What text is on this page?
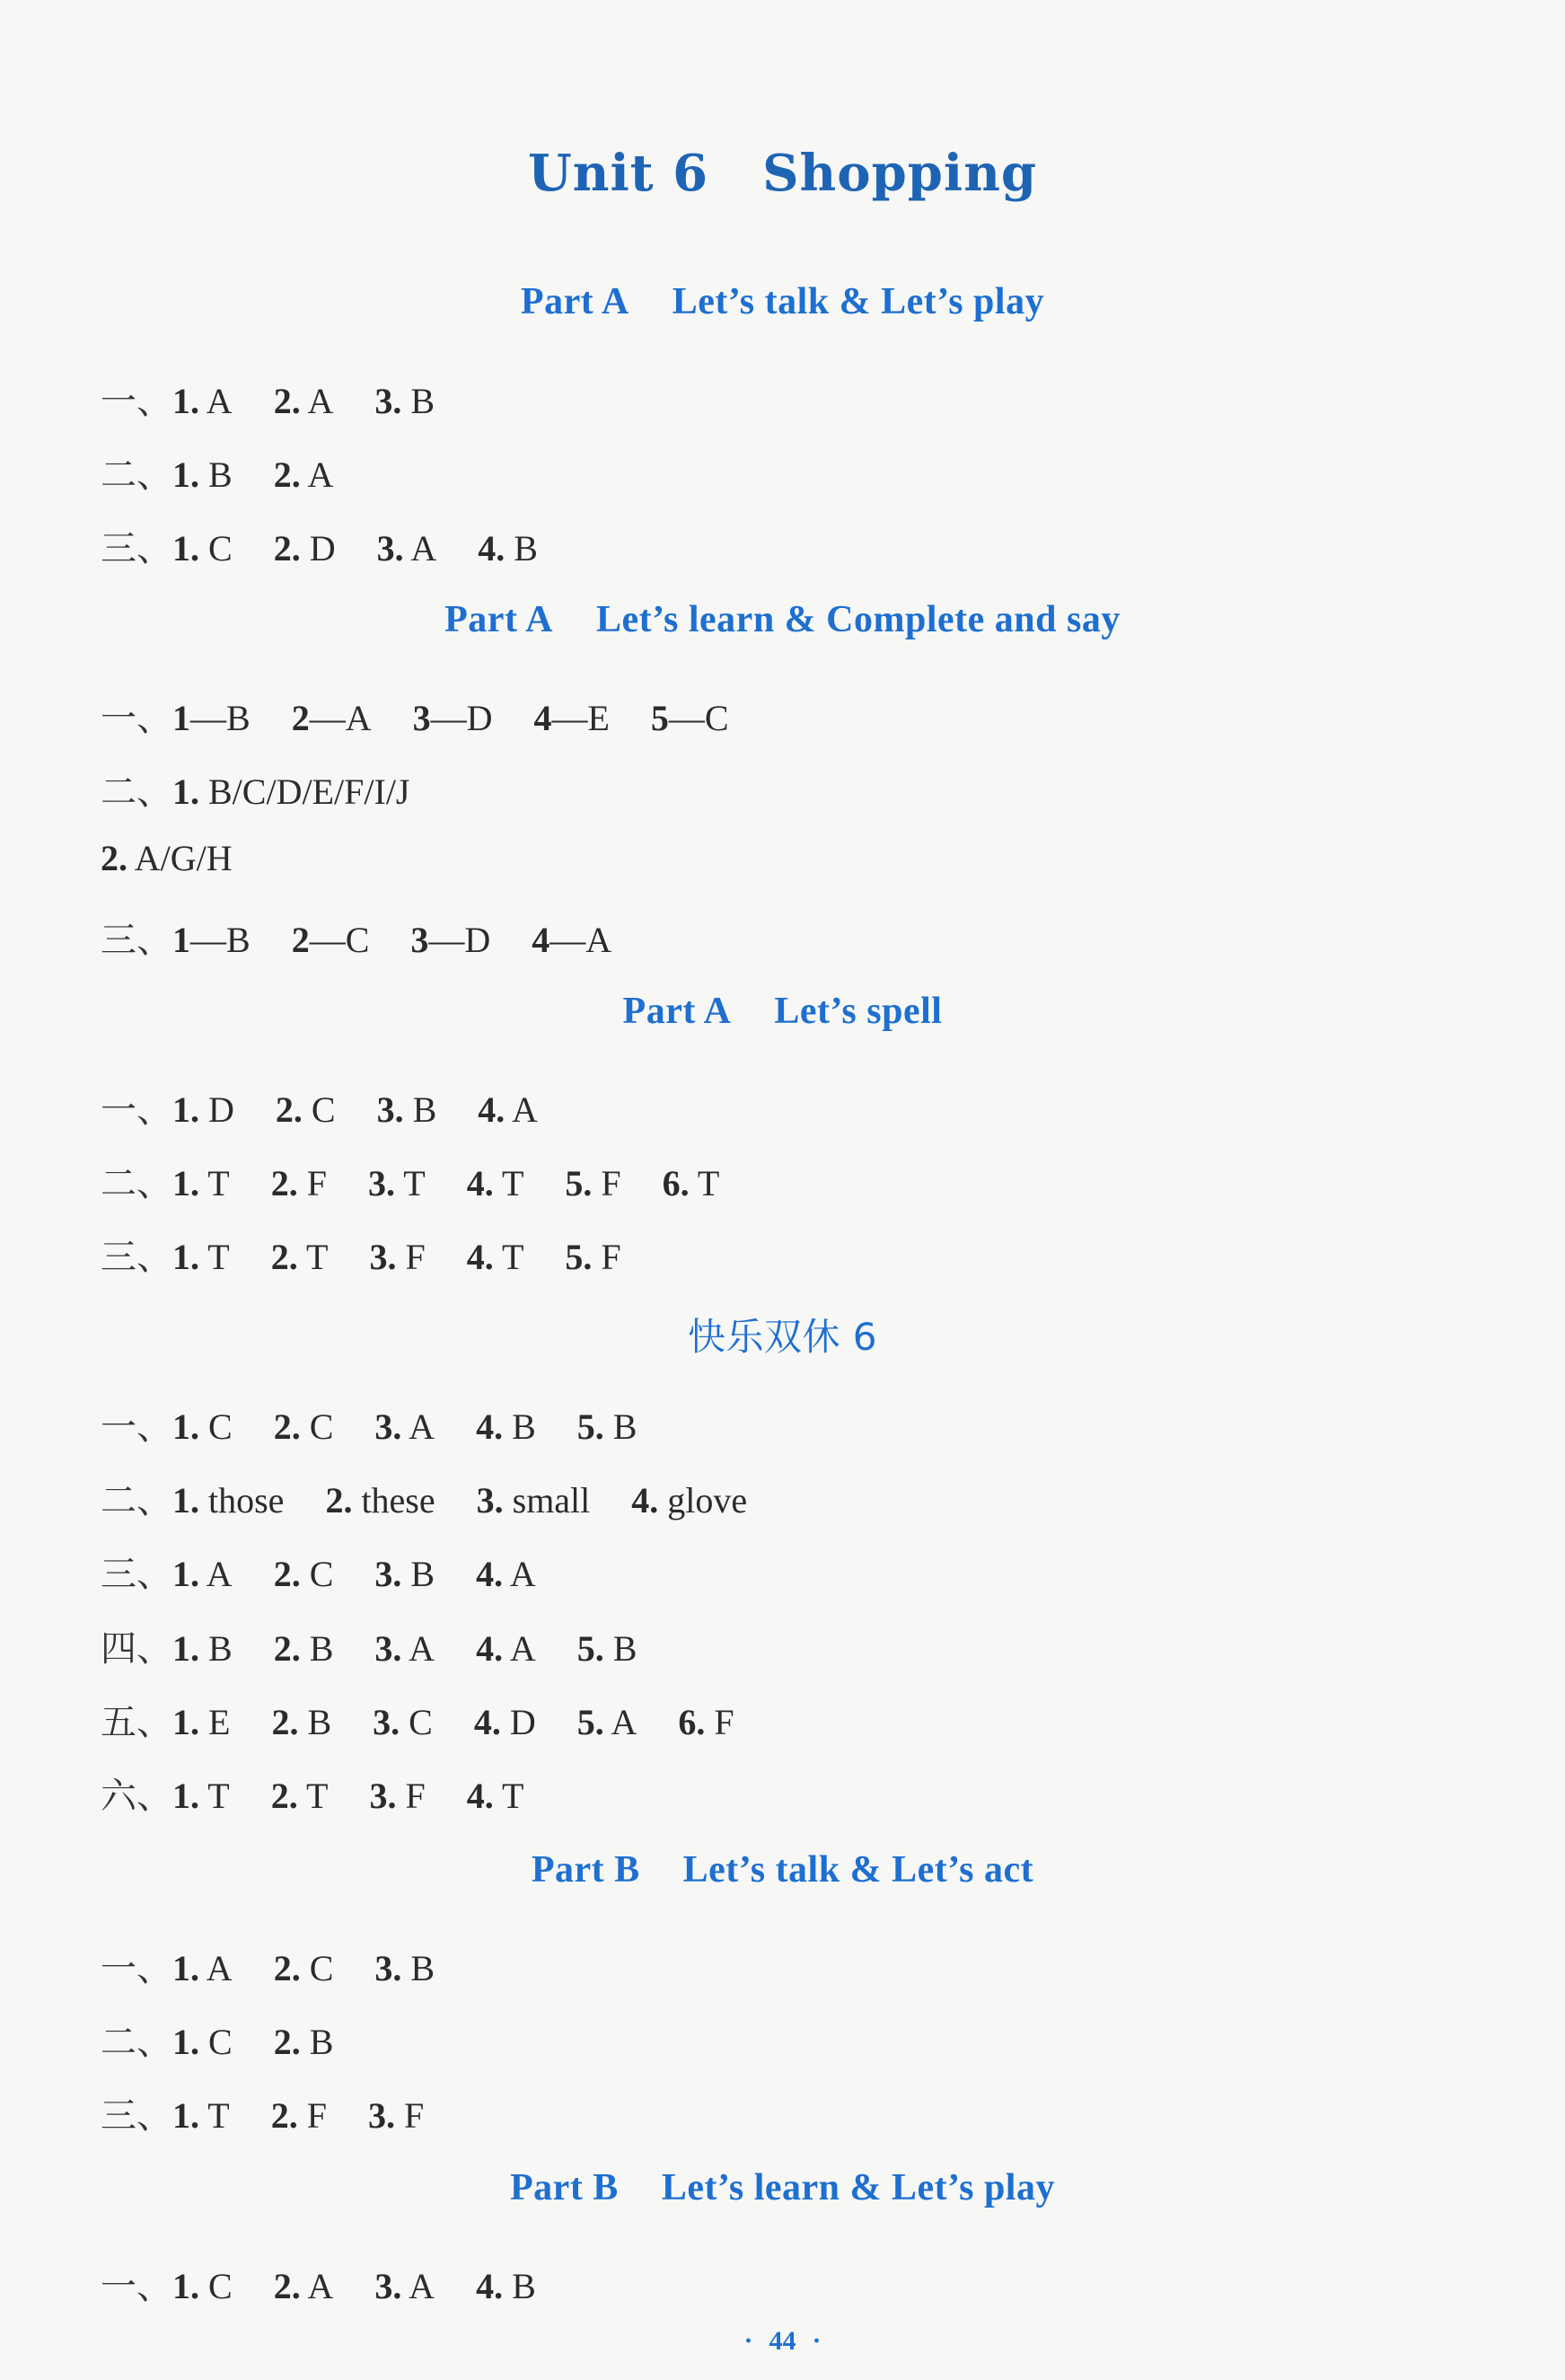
Unit 6 Shopping
Part A Let’s talk & Let’s play
一、1. A 2. A 3. B
二、1. B 2. A
三、1. C 2. D 3. A 4. B
Part A Let’s learn & Complete and say
一、1—B 2—A 3—D 4—E 5—C
二、1. B/C/D/E/F/I/J
2. A/G/H
三、1—B 2—C 3—D 4—A
Part A Let’s spell
一、1. D 2. C 3. B 4. A
二、1. T 2. F 3. T 4. T 5. F 6. T
三、1. T 2. T 3. F 4. T 5. F
快乐双休 6
一、1. C 2. C 3. A 4. B 5. B
二、1. those 2. these 3. small 4. glove
三、1. A 2. C 3. B 4. A
四、1. B 2. B 3. A 4. A 5. B
五、1. E 2. B 3. C 4. D 5. A 6. F
六、1. T 2. T 3. F 4. T
Part B Let’s talk & Let’s act
一、1. A 2. C 3. B
二、1. C 2. B
三、1. T 2. F 3. F
Part B Let’s learn & Let’s play
一、1. C 2. A 3. A 4. B
· 44 ·
